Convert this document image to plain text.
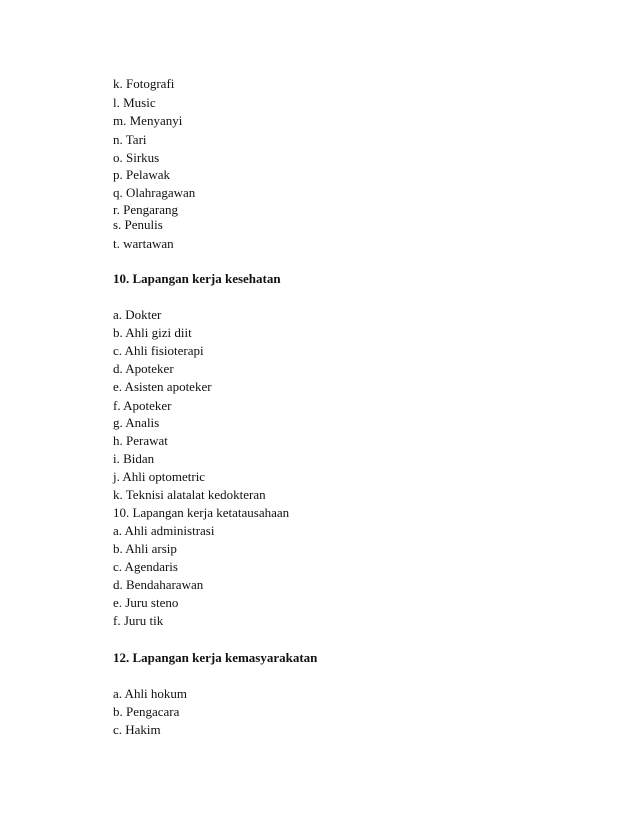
k. Fotografi
l. Music
m. Menyanyi
n. Tari
o. Sirkus
p. Pelawak
q. Olahragawan
r. Pengarang
s. Penulis
t. wartawan
10. Lapangan kerja kesehatan
a. Dokter
b. Ahli gizi diit
c. Ahli fisioterapi
d. Apoteker
e. Asisten apoteker
f. Apoteker
g. Analis
h. Perawat
i. Bidan
j. Ahli optometric
k. Teknisi alatalat kedokteran
10. Lapangan kerja ketatausahaan
a. Ahli administrasi
b. Ahli arsip
c. Agendaris
d. Bendaharawan
e. Juru steno
f. Juru tik
12. Lapangan kerja kemasyarakatan
a. Ahli hokum
b. Pengacara
c. Hakim
